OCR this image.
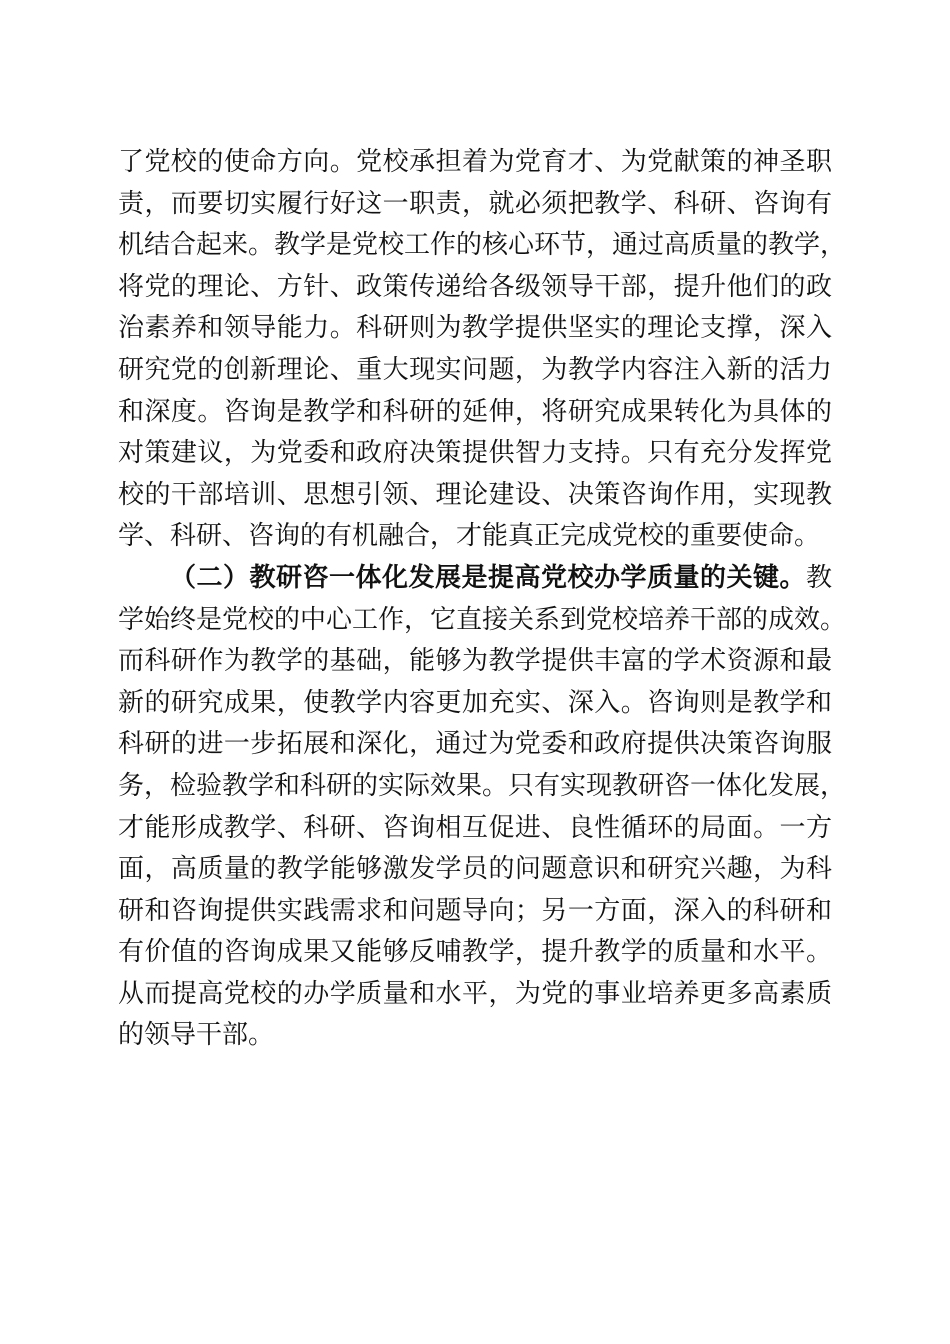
了党校的使命方向。党校承担着为党育才、为党献策的神圣职
责，而要切实履行好这一职责，就必须把教学、科研、咨询有
机结合起来。教学是党校工作的核心环节，通过高质量的教学，
将党的理论、方针、政策传递给各级领导干部，提升他们的政
治素养和领导能力。科研则为教学提供坚实的理论支撑，深入
研究党的创新理论、重大现实问题，为教学内容注入新的活力
和深度。咨询是教学和科研的延伸，将研究成果转化为具体的
对策建议，为党委和政府决策提供智力支持。只有充分发挥党
校的干部培训、思想引领、理论建设、决策咨询作用，实现教
学、科研、咨询的有机融合，才能真正完成党校的重要使命。
（二）教研咨一体化发展是提高党校办学质量的关键。教
学始终是党校的中心工作，它直接关系到党校培养干部的成效。
而科研作为教学的基础，能够为教学提供丰富的学术资源和最
新的研究成果，使教学内容更加充实、深入。咨询则是教学和
科研的进一步拓展和深化，通过为党委和政府提供决策咨询服
务，检验教学和科研的实际效果。只有实现教研咨一体化发展，
才能形成教学、科研、咨询相互促进、良性循环的局面。一方
面，高质量的教学能够激发学员的问题意识和研究兴趣，为科
研和咨询提供实践需求和问题导向；另一方面，深入的科研和
有价值的咨询成果又能够反哺教学，提升教学的质量和水平。
从而提高党校的办学质量和水平，为党的事业培养更多高素质
的领导干部。
